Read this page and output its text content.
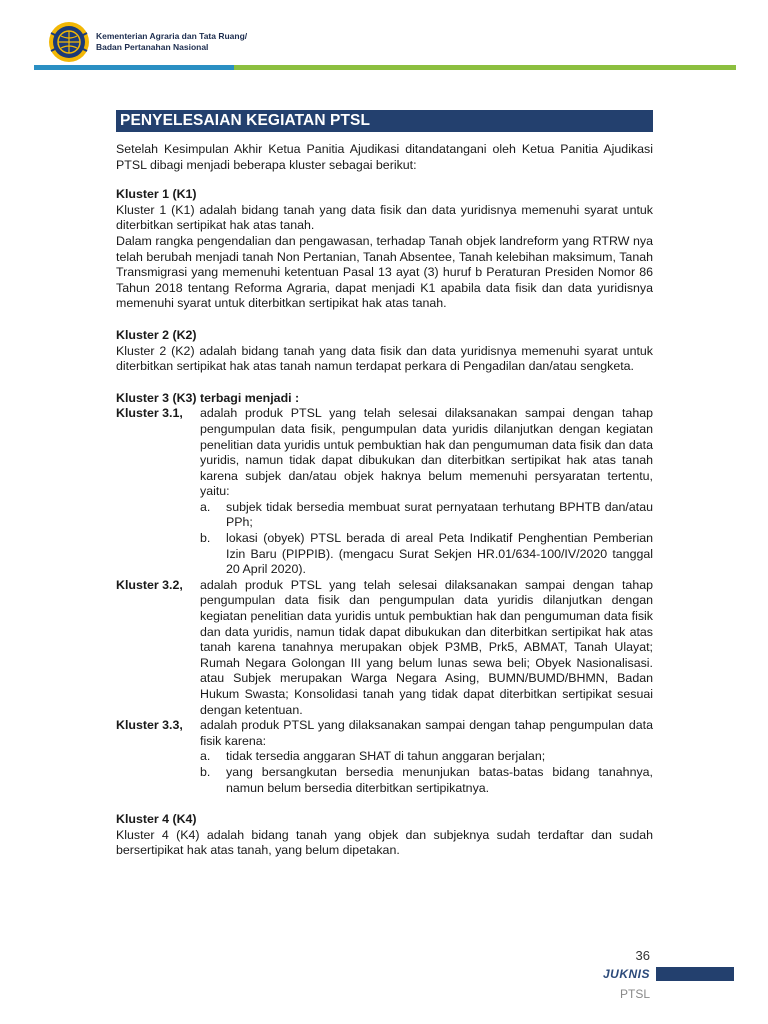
Kementerian Agraria dan Tata Ruang/
Badan Pertanahan Nasional
PENYELESAIAN KEGIATAN PTSL

Setelah Kesimpulan Akhir Ketua Panitia Ajudikasi ditandatangani oleh Ketua Panitia Ajudikasi PTSL dibagi menjadi beberapa kluster sebagai berikut:

Kluster 1 (K1)

Kluster 1 (K1) adalah bidang tanah yang data fisik dan data yuridisnya memenuhi syarat untuk diterbitkan sertipikat hak atas tanah.

Dalam rangka pengendalian dan pengawasan, terhadap Tanah objek landreform yang RTRW nya telah berubah menjadi tanah Non Pertanian, Tanah Absentee, Tanah kelebihan maksimum, Tanah Transmigrasi yang memenuhi ketentuan Pasal 13 ayat (3) huruf b Peraturan Presiden Nomor 86 Tahun 2018 tentang Reforma Agraria, dapat menjadi K1 apabila data fisik dan data yuridisnya memenuhi syarat untuk diterbitkan sertipikat hak atas tanah.

Kluster 2 (K2)

Kluster 2 (K2) adalah bidang tanah yang data fisik dan data yuridisnya memenuhi syarat untuk diterbitkan sertipikat hak atas tanah namun terdapat perkara di Pengadilan dan/atau sengketa.

Kluster 3 (K3) terbagi menjadi :
Kluster 3.1,	adalah produk PTSL yang telah selesai dilaksanakan sampai dengan tahap pengumpulan data fisik, pengumpulan data yuridis dilanjutkan dengan kegiatan penelitian data yuridis untuk pembuktian hak dan pengumuman data fisik dan data yuridis, namun tidak dapat dibukukan dan diterbitkan sertipikat hak atas tanah karena subjek dan/atau objek haknya belum memenuhi persyaratan tertentu, yaitu:
a.	subjek tidak bersedia membuat surat pernyataan terhutang BPHTB dan/atau PPh;
b.	lokasi (obyek) PTSL berada di areal Peta Indikatif Penghentian Pemberian Izin Baru (PIPPIB). (mengacu Surat Sekjen HR.01/634-100/IV/2020 tanggal 20 April 2020).
Kluster 3.2,	adalah produk PTSL yang telah selesai dilaksanakan sampai dengan tahap pengumpulan data fisik dan pengumpulan data yuridis dilanjutkan dengan kegiatan penelitian data yuridis untuk pembuktian hak dan pengumuman data fisik dan data yuridis, namun tidak dapat dibukukan dan diterbitkan sertipikat hak atas tanah karena tanahnya merupakan objek P3MB, Prk5, ABMAT, Tanah Ulayat; Rumah Negara Golongan III yang belum lunas sewa beli; Obyek Nasionalisasi. atau Subjek merupakan Warga Negara Asing, BUMN/BUMD/BHMN, Badan Hukum Swasta; Konsolidasi tanah yang tidak dapat diterbitkan sertipikat sesuai dengan ketentuan.
Kluster 3.3,	adalah produk PTSL yang dilaksanakan sampai dengan tahap pengumpulan data fisik karena:
a.	tidak tersedia anggaran SHAT di tahun anggaran berjalan;
b.	yang bersangkutan bersedia menunjukan batas-batas bidang tanahnya, namun belum bersedia diterbitkan sertipikatnya.
Kluster 4 (K4)

Kluster 4 (K4) adalah bidang tanah yang objek dan subjeknya sudah terdaftar dan sudah bersertipikat hak atas tanah, yang belum dipetakan.

36
JUKNIS
PTSL
